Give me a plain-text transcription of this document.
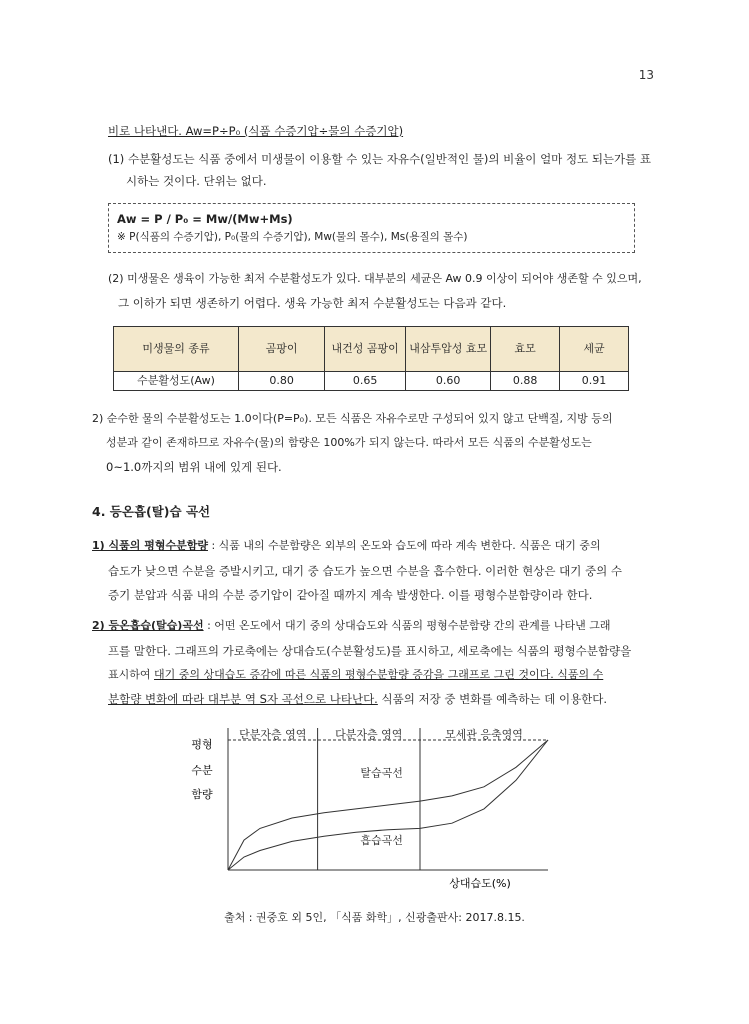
13
비로 나타낸다. Aw=P÷P₀ (식품 수증기압÷물의 수증기압)
(1) 수분활성도는 식품 중에서 미생물이 이용할 수 있는 자유수(일반적인 물)의 비율이 얼마 정도 되는가를 표
시하는 것이다. 단위는 없다.
Aw = P / P₀ = Mw/(Mw+Ms)
※ P(식품의 수증기압), P₀(물의 수증기압), Mw(물의 몰수), Ms(용질의 몰수)
(2) 미생물은 생육이 가능한 최저 수분활성도가 있다. 대부분의 세균은 Aw 0.9 이상이 되어야 생존할 수 있으며,
그 이하가 되면 생존하기 어렵다. 생육 가능한 최저 수분활성도는 다음과 같다.
미생물의 종류	곰팡이	내건성 곰팡이	내삼투압성 효모	효모	세균
수분활성도(Aw)	0.80	0.65	0.60	0.88	0.91
2) 순수한 물의 수분활성도는 1.0이다(P=P₀). 모든 식품은 자유수로만 구성되어 있지 않고 단백질, 지방 등의
성분과 같이 존재하므로 자유수(물)의 함량은 100%가 되지 않는다. 따라서 모든 식품의 수분활성도는
0~1.0까지의 범위 내에 있게 된다.
4. 등온흡(탈)습 곡선
1) 식품의 평형수분함량 : 식품 내의 수분함량은 외부의 온도와 습도에 따라 계속 변한다. 식품은 대기 중의
습도가 낮으면 수분을 증발시키고, 대기 중 습도가 높으면 수분을 흡수한다. 이러한 현상은 대기 중의 수
증기 분압과 식품 내의 수분 증기압이 같아질 때까지 계속 발생한다. 이를 평형수분함량이라 한다.
2) 등온흡습(탈습)곡선 : 어떤 온도에서 대기 중의 상대습도와 식품의 평형수분함량 간의 관계를 나타낸 그래
프를 말한다. 그래프의 가로축에는 상대습도(수분활성도)를 표시하고, 세로축에는 식품의 평형수분함량을
표시하여 대기 중의 상대습도 증감에 따른 식품의 평형수분함량 증감을 그래프로 그린 것이다. 식품의 수
분함량 변화에 따라 대부분 역 S자 곡선으로 나타난다. 식품의 저장 중 변화를 예측하는 데 이용한다.
평형
수분
함량
상대습도(%)
단분자층 영역	다분자층 영역	모세관 응축영역
탈습곡선
흡습곡선
출처 : 권중호 외 5인, 「식품 화학」, 신광출판사: 2017.8.15.
